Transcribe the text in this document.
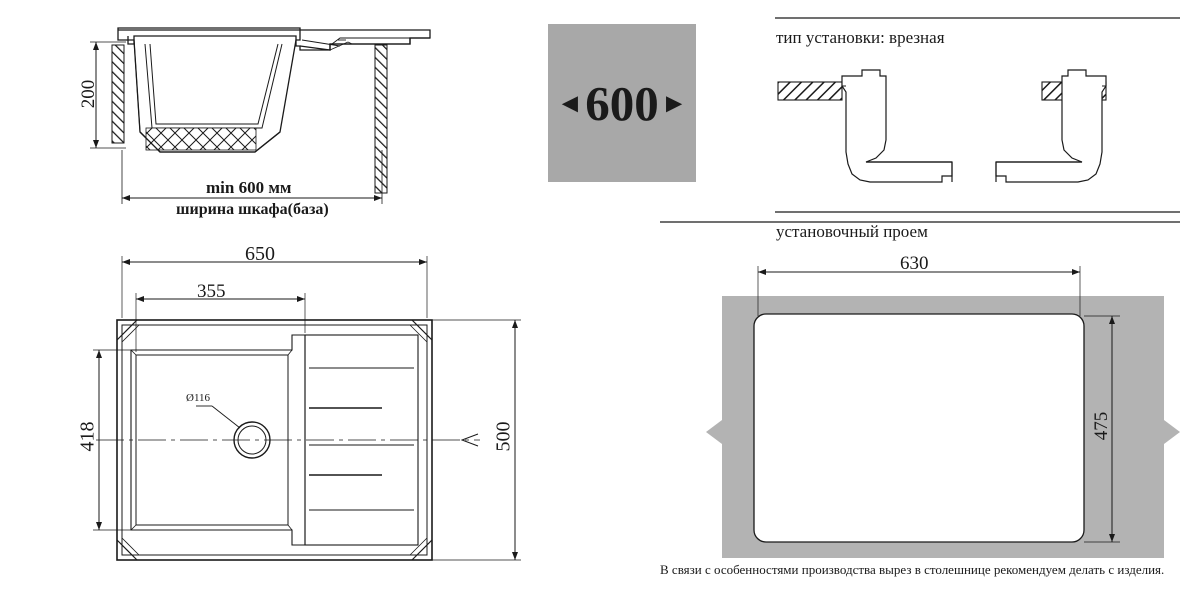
200
min 600 мм
ширина шкафа(база)
◄ 600 ►
тип установки: врезная
установочный проем
650
355
418	500
Ø116
630
475
В связи с особенностями производства вырез в столешнице рекомендуем делать с изделия.
